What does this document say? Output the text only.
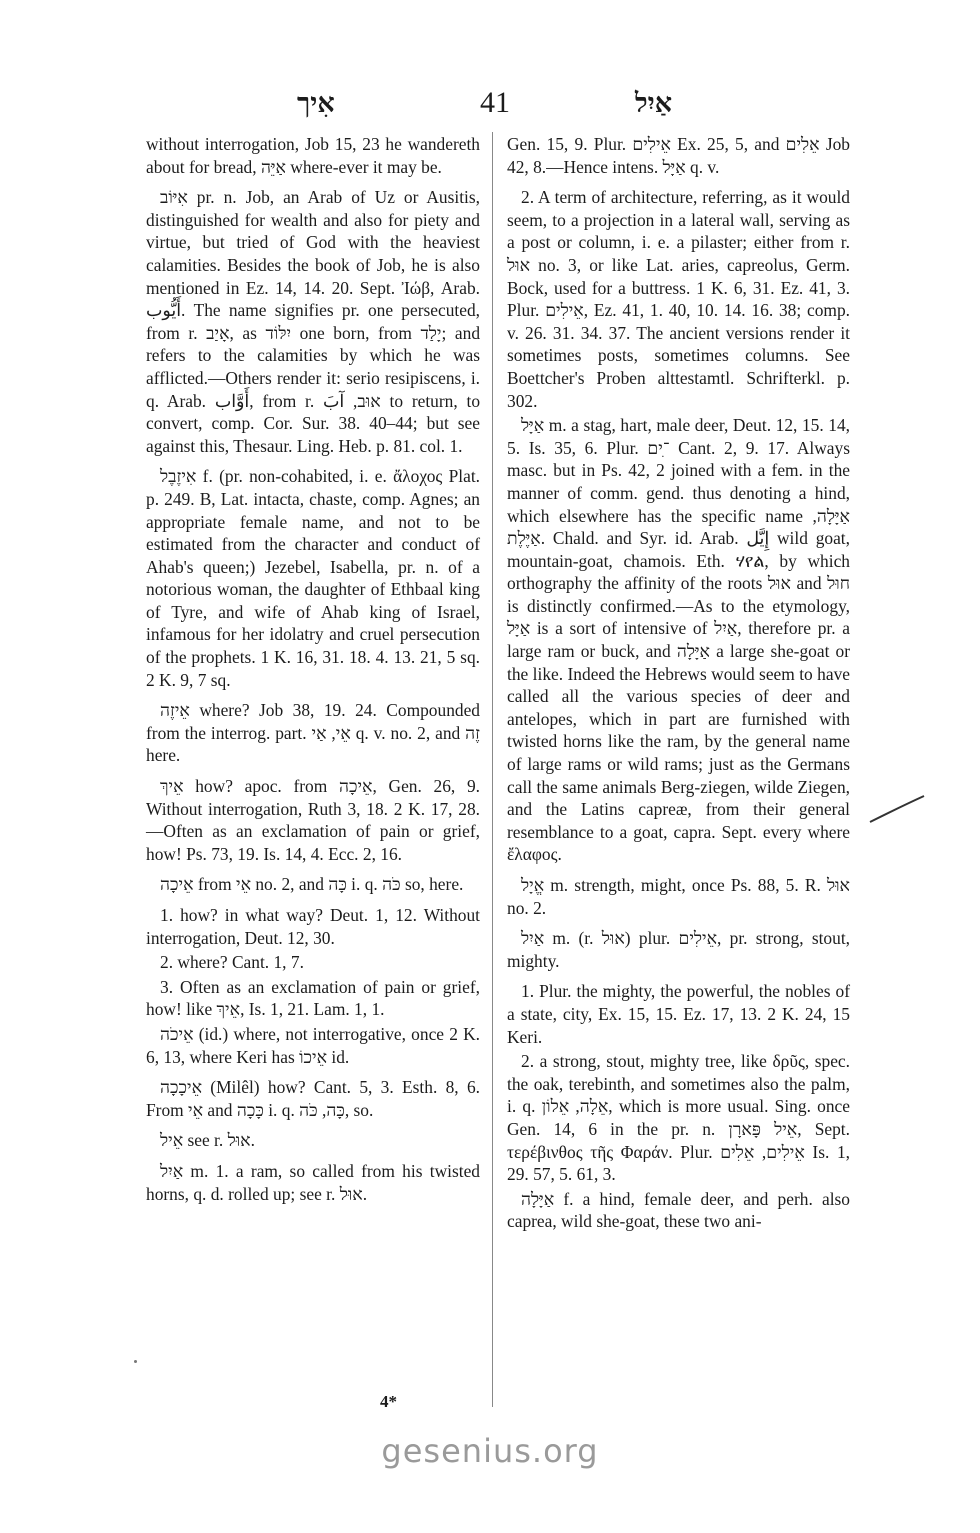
אִיך	41	אַיִל

without interrogation, Job 15, 23 he wandereth about for bread, אַיֵּה where-ever it may be.

אִיּוֹב pr. n. Job, an Arab of Uz or Ausitis, distinguished for wealth and also for piety and virtue, but tried of God with the heaviest calamities. Besides the book of Job, he is also mentioned in Ez. 14, 14. 20. Sept. Ἰώβ, Arab. أَيُّوب. The name signifies pr. one persecuted, from r. אָיַב, as יִלּוֹד one born, from יָלַד; and refers to the calamities by which he was afflicted.—Others render it: serio resipiscens, i. q. Arab. أَوَّاب, from r. אוּב, آبَ to return, to convert, comp. Cor. Sur. 38. 40–44; but see against this, Thesaur. Ling. Heb. p. 81. col. 1.

אִיזֶבֶל f. (pr. non-cohabited, i. e. ἄλοχος Plat. p. 249. B, Lat. intacta, chaste, comp. Agnes; an appropriate female name, and not to be estimated from the character and conduct of Ahab's queen;) Jezebel, Isabella, pr. n. of a notorious woman, the daughter of Ethbaal king of Tyre, and wife of Ahab king of Israel, infamous for her idolatry and cruel persecution of the prophets. 1 K. 16, 31. 18. 4. 13. 21, 5 sq. 2 K. 9, 7 sq.

אֵיזֶה where? Job 38, 19. 24. Compounded from the interrog. part. אֵי, אַי q. v. no. 2, and זֶה here.

אֵיךְ how? apoc. from אֵיכָה, Gen. 26, 9. Without interrogation, Ruth 3, 18. 2 K. 17, 28.—Often as an exclamation of pain or grief, how! Ps. 73, 19. Is. 14, 4. Ecc. 2, 16.

אֵיכָה from אֵי no. 2, and כָּה i. q. כֹּה so, here.

1. how? in what way? Deut. 1, 12. Without interrogation, Deut. 12, 30.

2. where? Cant. 1, 7.

3. Often as an exclamation of pain or grief, how! like אֵיךְ, Is. 1, 21. Lam. 1, 1.

אֵיכֹה (id.) where, not interrogative, once 2 K. 6, 13, where Keri has אֵיכוֹ id.

אֵיכָכָה (Milêl) how? Cant. 5, 3. Esth. 8, 6. From אֵי and כָּכָה i. q. כָּה, כֹּה, so.

אֵיל see r. אוּל.

אַיִל m. 1. a ram, so called from his twisted horns, q. d. rolled up; see r. אוּל.

Gen. 15, 9. Plur. אֵילִים Ex. 25, 5, and אֵלִים Job 42, 8.—Hence intens. אַיָּל q. v.

2. A term of architecture, referring, as it would seem, to a projection in a lateral wall, serving as a post or column, i. e. a pilaster; either from r. אוּל no. 3, or like Lat. aries, capreolus, Germ. Bock, used for a buttress. 1 K. 6, 31. Ez. 41, 3. Plur. אֵילִים, Ez. 41, 1. 40, 10. 14. 16. 38; comp. v. 26. 31. 34. 37. The ancient versions render it sometimes posts, sometimes columns. See Boettcher's Proben alttestamtl. Schrifterkl. p. 302.

אַיָּל m. a stag, hart, male deer, Deut. 12, 15. 14, 5. Is. 35, 6. Plur. ־ִים Cant. 2, 9. 17. Always masc. but in Ps. 42, 2 joined with a fem. in the manner of comm. gend. thus denoting a hind, which elsewhere has the specific name אַיָּלָה, אַיֶּלֶת. Chald. and Syr. id. Arab. إِيَّل wild goat, mountain-goat, chamois. Eth. ሃየል, by which orthography the affinity of the roots אוּל and חוּל is distinctly confirmed.—As to the etymology, אַיָּל is a sort of intensive of אַיִל, therefore pr. a large ram or buck, and אַיָּלָה a large she-goat or the like. Indeed the Hebrews would seem to have called all the various species of deer and antelopes, which in part are furnished with twisted horns like the ram, by the general name of large rams or wild rams; just as the Germans call the same animals Berg-ziegen, wilde Ziegen, and the Latins capreæ, from their general resemblance to a goat, capra. Sept. every where ἔλαφος.

אֱיָל m. strength, might, once Ps. 88, 5. R. אוּל no. 2.

אַיִל m. (r. אוּל) plur. אֵילִים, pr. strong, stout, mighty.

1. Plur. the mighty, the powerful, the nobles of a state, city, Ex. 15, 15. Ez. 17, 13. 2 K. 24, 15 Keri.

2. a strong, stout, mighty tree, like δρῦς, spec. the oak, terebinth, and sometimes also the palm, i. q. אֵלָה, אֵלוֹן, which is more usual. Sing. once Gen. 14, 6 in the pr. n. אֵיל פָּארָן, Sept. τερέβινθος τῆς Φαράν. Plur. אֵילִים, אֵלִים Is. 1, 29. 57, 5. 61, 3.

אַיָּלָה f. a hind, female deer, and perh. also caprea, wild she-goat, these two ani-

4*
gesenius.org
